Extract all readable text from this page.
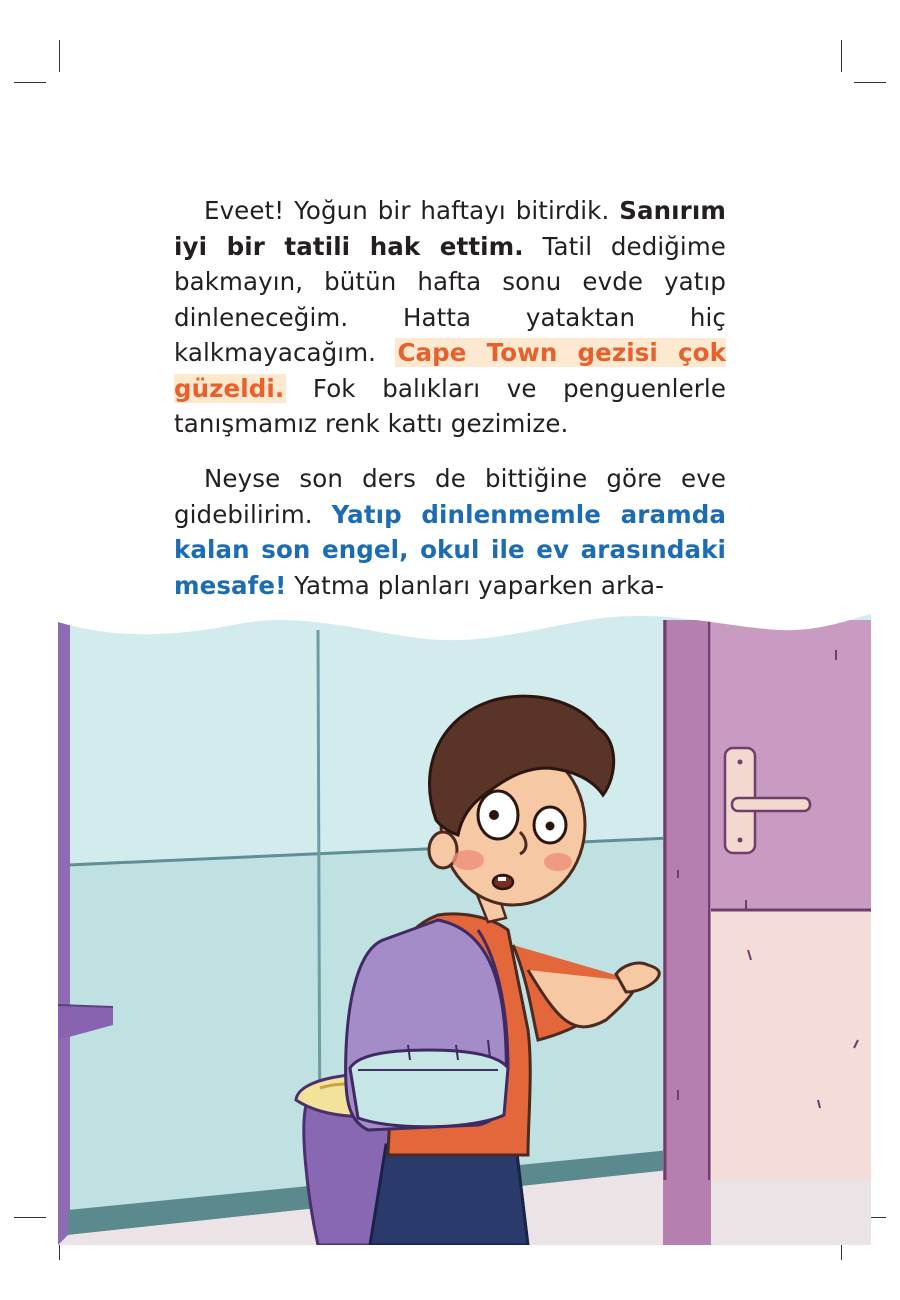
Eveet! Yoğun bir haftayı bitirdik. Sanırım iyi bir tatili hak ettim. Tatil dediğime bakmayın, bütün hafta sonu evde yatıp dinleneceğim. Hatta yataktan hiç kalkmayacağım. Cape Town gezisi çok güzeldi. Fok balıkları ve penguenlerle tanışmamız renk kattı gezimize.

Neyse son ders de bittiğine göre eve gidebilirim. Yatıp dinlenmemle aramda kalan son engel, okul ile ev arasındaki mesafe! Yatma planları yaparken arka-
